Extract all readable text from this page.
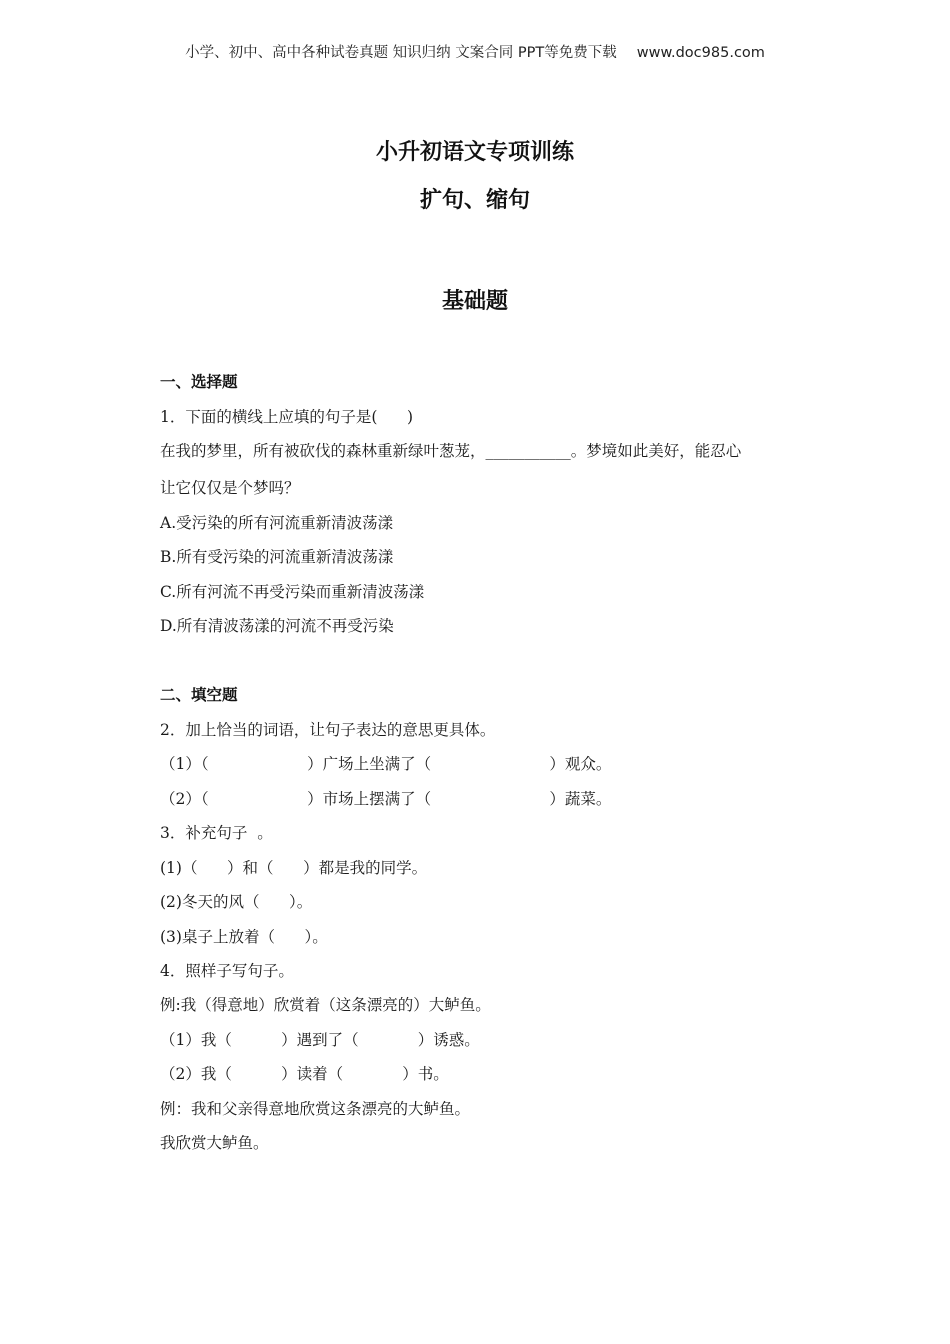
小学、初中、高中各种试卷真题 知识归纳 文案合同 PPT等免费下载 www.doc985.com
小升初语文专项训练
扩句、缩句
基础题
一、选择题
1．下面的横线上应填的句子是(      )
在我的梦里，所有被砍伐的森林重新绿叶葱茏，___________。梦境如此美好，能忍心
让它仅仅是个梦吗？
A.受污染的所有河流重新清波荡漾
B.所有受污染的河流重新清波荡漾
C.所有河流不再受污染而重新清波荡漾
D.所有清波荡漾的河流不再受污染
二、填空题
2．加上恰当的词语，让句子表达的意思更具体。
（1）（                    ）广场上坐满了（                        ）观众。
（2）（                    ）市场上摆满了（                        ）蔬菜。
3．补充句子  。
(1)（      ）和（      ）都是我的同学。
(2)冬天的风（      ）。
(3)桌子上放着（      ）。
4．照样子写句子。
例:我（得意地）欣赏着（这条漂亮的）大鲈鱼。
（1）我（          ）遇到了（            ）诱惑。
（2）我（          ）读着（            ）书。
例：我和父亲得意地欣赏这条漂亮的大鲈鱼。
我欣赏大鲈鱼。
